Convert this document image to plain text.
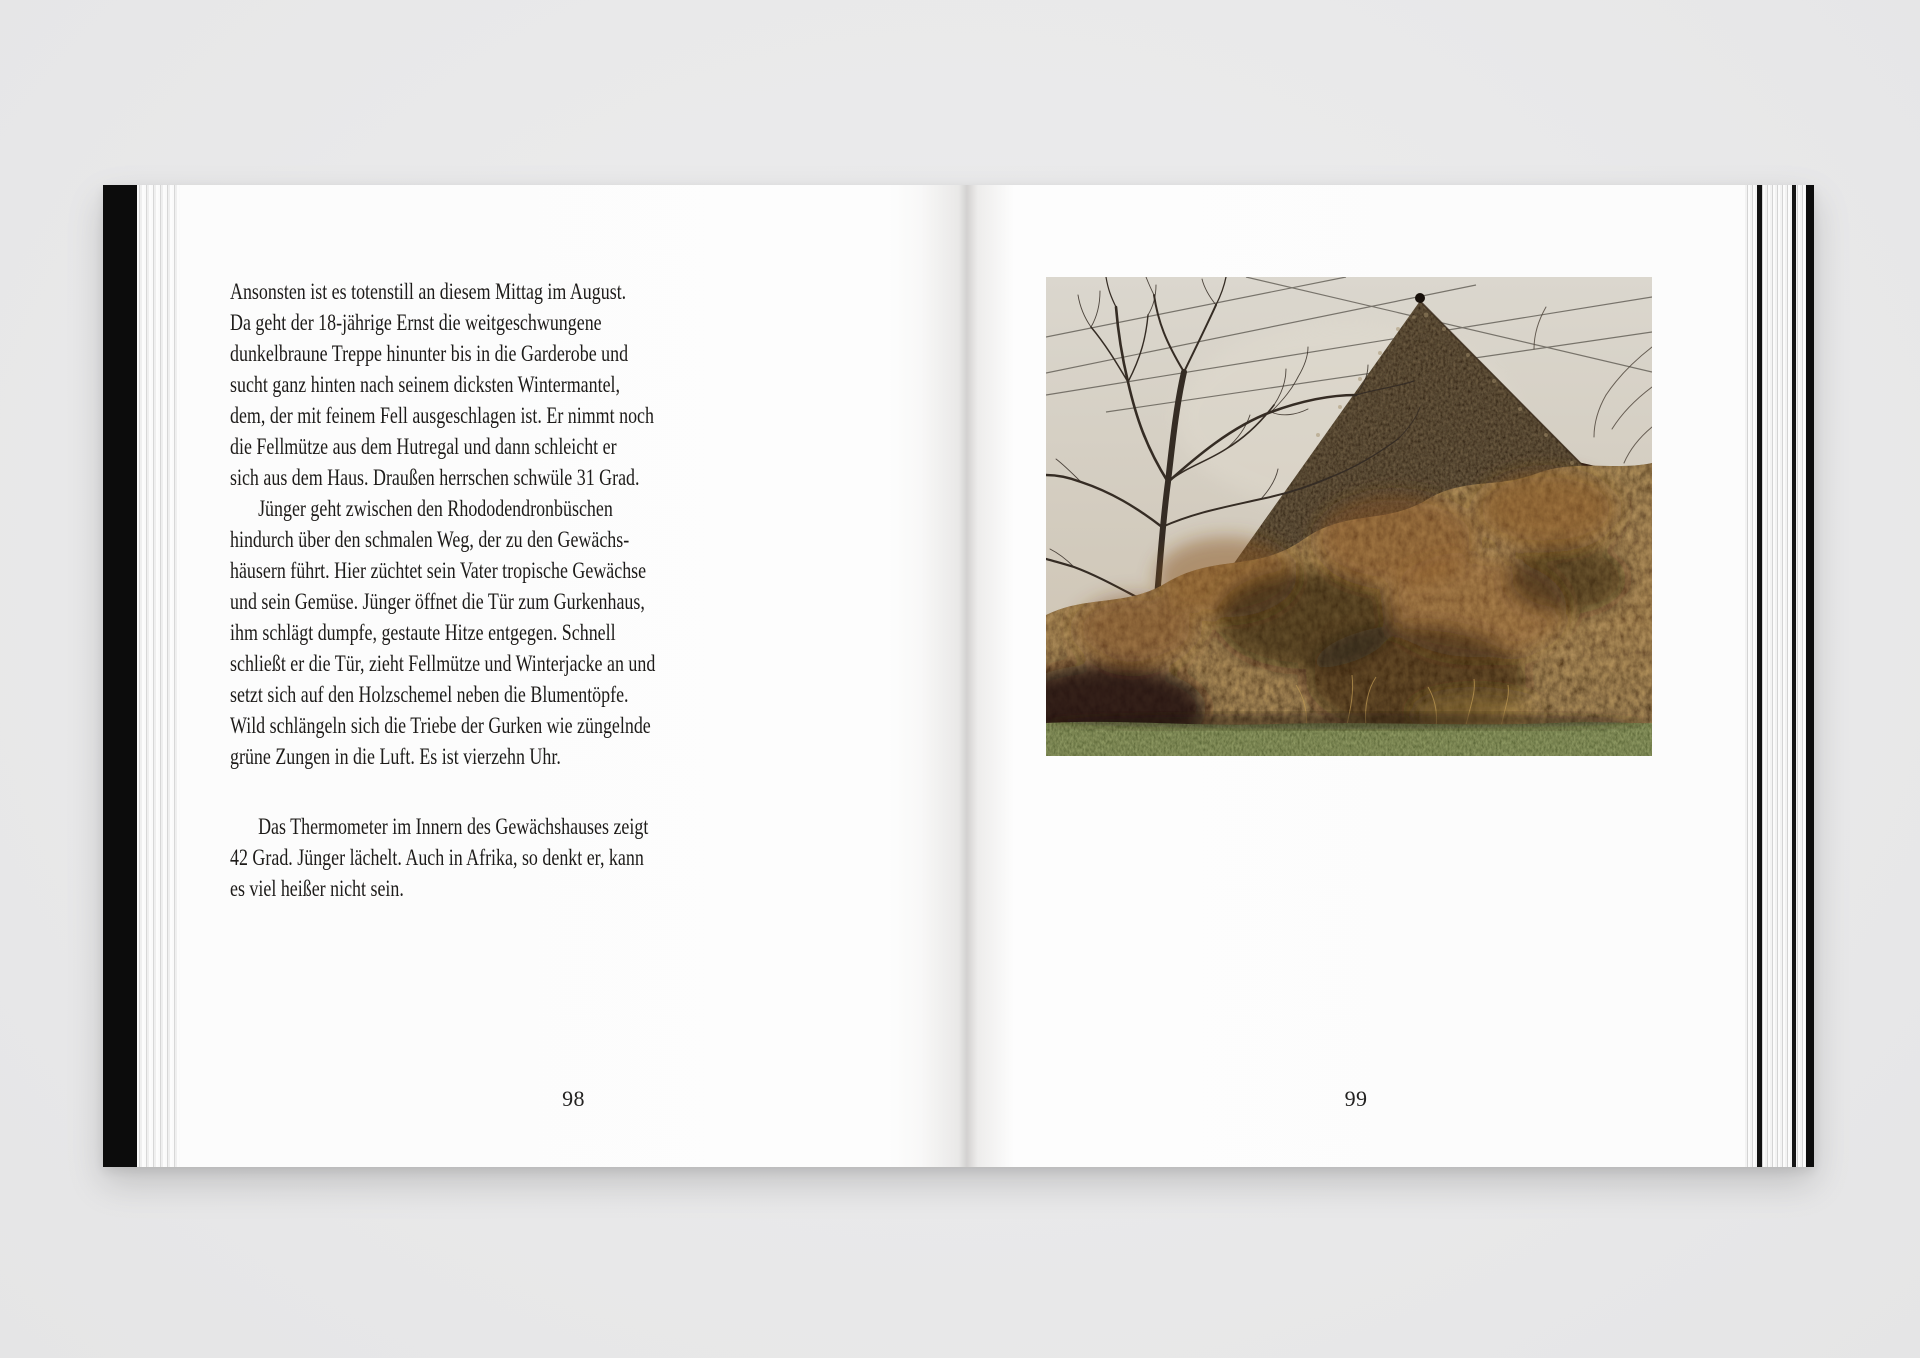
Ansonsten ist es totenstill an diesem Mittag im August.
Da geht der 18-jährige Ernst die weitgeschwungene
dunkelbraune Treppe hinunter bis in die Garderobe und
sucht ganz hinten nach seinem dicksten Wintermantel,
dem, der mit feinem Fell ausgeschlagen ist. Er nimmt noch
die Fellmütze aus dem Hutregal und dann schleicht er
sich aus dem Haus. Draußen herrschen schwüle 31 Grad.
Jünger geht zwischen den Rhododendronbüschen
hindurch über den schmalen Weg, der zu den Gewächs-
häusern führt. Hier züchtet sein Vater tropische Gewächse
und sein Gemüse. Jünger öffnet die Tür zum Gurkenhaus,
ihm schlägt dumpfe, gestaute Hitze entgegen. Schnell
schließt er die Tür, zieht Fellmütze und Winterjacke an und
setzt sich auf den Holzschemel neben die Blumentöpfe.
Wild schlängeln sich die Triebe der Gurken wie züngelnde
grüne Zungen in die Luft. Es ist vierzehn Uhr.
Das Thermometer im Innern des Gewächshauses zeigt
42 Grad. Jünger lächelt. Auch in Afrika, so denkt er, kann
es viel heißer nicht sein.
98	99
